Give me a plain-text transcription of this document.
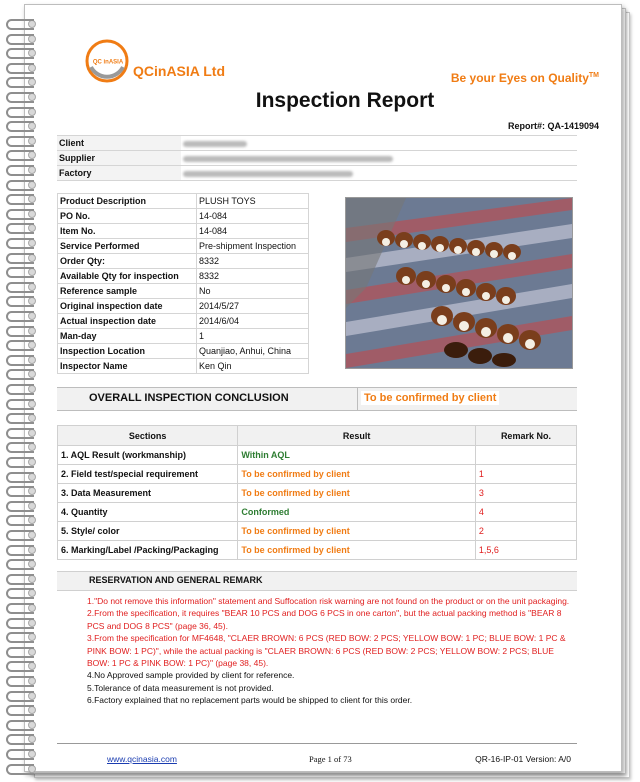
QC inASIA
QCinASIA Ltd	Be your Eyes on Quality™
Inspection Report
Report#: QA-1419094
Client	
Supplier	
Factory	
Product Description	PLUSH TOYS
PO No.	14-084
Item No.	14-084
Service Performed	Pre-shipment Inspection
Order Qty:	8332
Available Qty for inspection	8332
Reference sample	No
Original inspection date	2014/5/27
Actual inspection date	2014/6/04
Man-day	1
Inspection Location	Quanjiao, Anhui, China
Inspector Name	Ken Qin
OVERALL INSPECTION CONCLUSION	To be confirmed by client
Sections	Result	Remark No.
1. AQL Result (workmanship)	Within AQL	
2. Field test/special requirement	To be confirmed by client	1
3. Data Measurement	To be confirmed by client	3
4. Quantity	Conformed	4
5. Style/ color	To be confirmed by client	2
6. Marking/Label /Packing/Packaging	To be confirmed by client	1,5,6
RESERVATION AND GENERAL REMARK

1."Do not remove this information" statement and Suffocation risk warning are not found on the product or on the unit packaging.

2.From the specification, it requires "BEAR 10 PCS and DOG 6 PCS in one carton", but the actual packing method is "BEAR 8 PCS and DOG 8 PCS" (page 36, 45).

3.From the specification for MF4648, "CLAER BROWN: 6 PCS (RED BOW: 2 PCS; YELLOW BOW: 1 PC; BLUE BOW: 1 PC & PINK BOW: 1 PC)", while the actual packing is "CLAER BROWN: 6 PCS (RED BOW: 2 PCS; YELLOW BOW: 2 PCS; BLUE BOW: 1 PC & PINK BOW: 1 PC)" (page 38, 45).

4.No Approved sample provided by client for reference.

5.Tolerance of data measurement is not provided.

6.Factory explained that no replacement parts would be shipped to client for this order.

www.qcinasia.com	Page 1 of 73	QR-16-IP-01 Version: A/0
